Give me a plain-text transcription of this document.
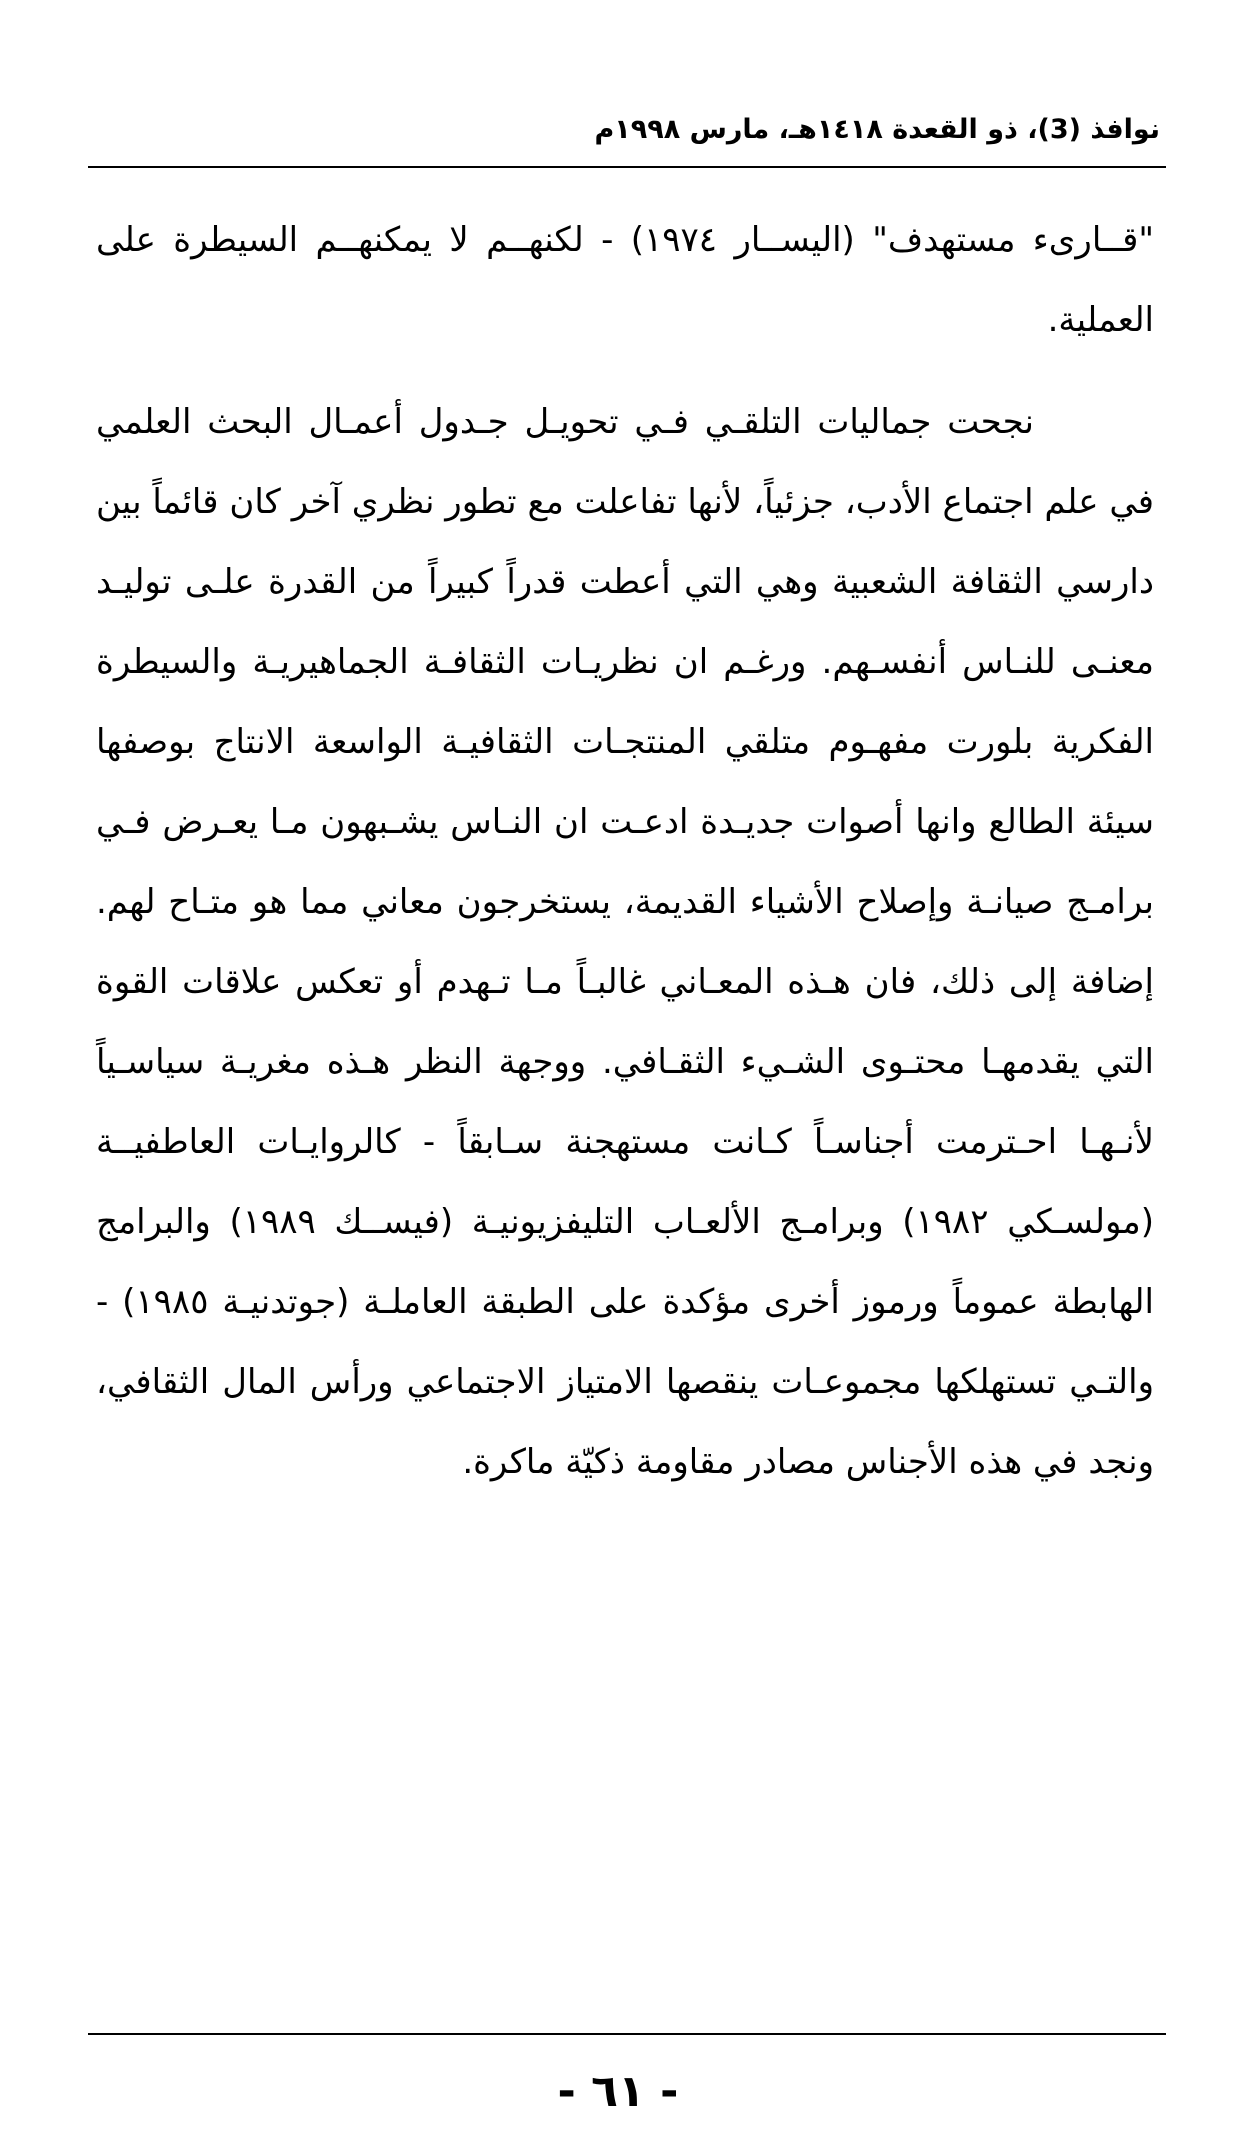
نوافذ (3)، ذو القعدة ١٤١٨هـ، مارس ١٩٩٨م

"قــارىء مستهدف" (اليســار ١٩٧٤) - لكنهــم لا يمكنهــم السيطرة على العملية.

نجحت جماليات التلقـي فـي تحويـل جـدول أعمـال البحث العلمي في علم اجتماع الأدب، جزئياً، لأنها تفاعلت مع تطور نظري آخر كان قائماً بين دارسي الثقافة الشعبية وهي التي أعطت قدراً كبيراً من القدرة علـى توليـد معنـى للنـاس أنفسـهم. ورغـم ان نظريـات الثقافـة الجماهيريـة والسيطرة الفكرية بلورت مفهـوم متلقي المنتجـات الثقافيـة الواسعة الانتاج بوصفها سيئة الطالع وانها أصوات جديـدة ادعـت ان النـاس يشـبهون مـا يعـرض فـي برامـج صيانـة وإصلاح الأشياء القديمة، يستخرجون معاني مما هو متـاح لهم. إضافة إلى ذلك، فان هـذه المعـاني غالبـاً مـا تـهدم أو تعكس علاقات القوة التي يقدمهـا محتـوى الشـيء الثقـافي. ووجهة النظر هـذه مغريـة سياسـياً لأنـهـا احـترمت أجناسـاً كـانت مستهجنة سـابقاً - كالروايـات العاطفيــة (مولسـكي ١٩٨٢) وبرامـج الألعـاب التليفزيونيـة (فيســك ١٩٨٩) والبرامج الهابطة عموماً ورموز أخرى مؤكدة على الطبقة العاملـة (جوتدنيـة ١٩٨٥) - والتـي تستهلكها مجموعـات ينقصها الامتياز الاجتماعي ورأس المال الثقافي، ونجد في هذه الأجناس مصادر مقاومة ذكيّة ماكرة.

- ٦١ -
